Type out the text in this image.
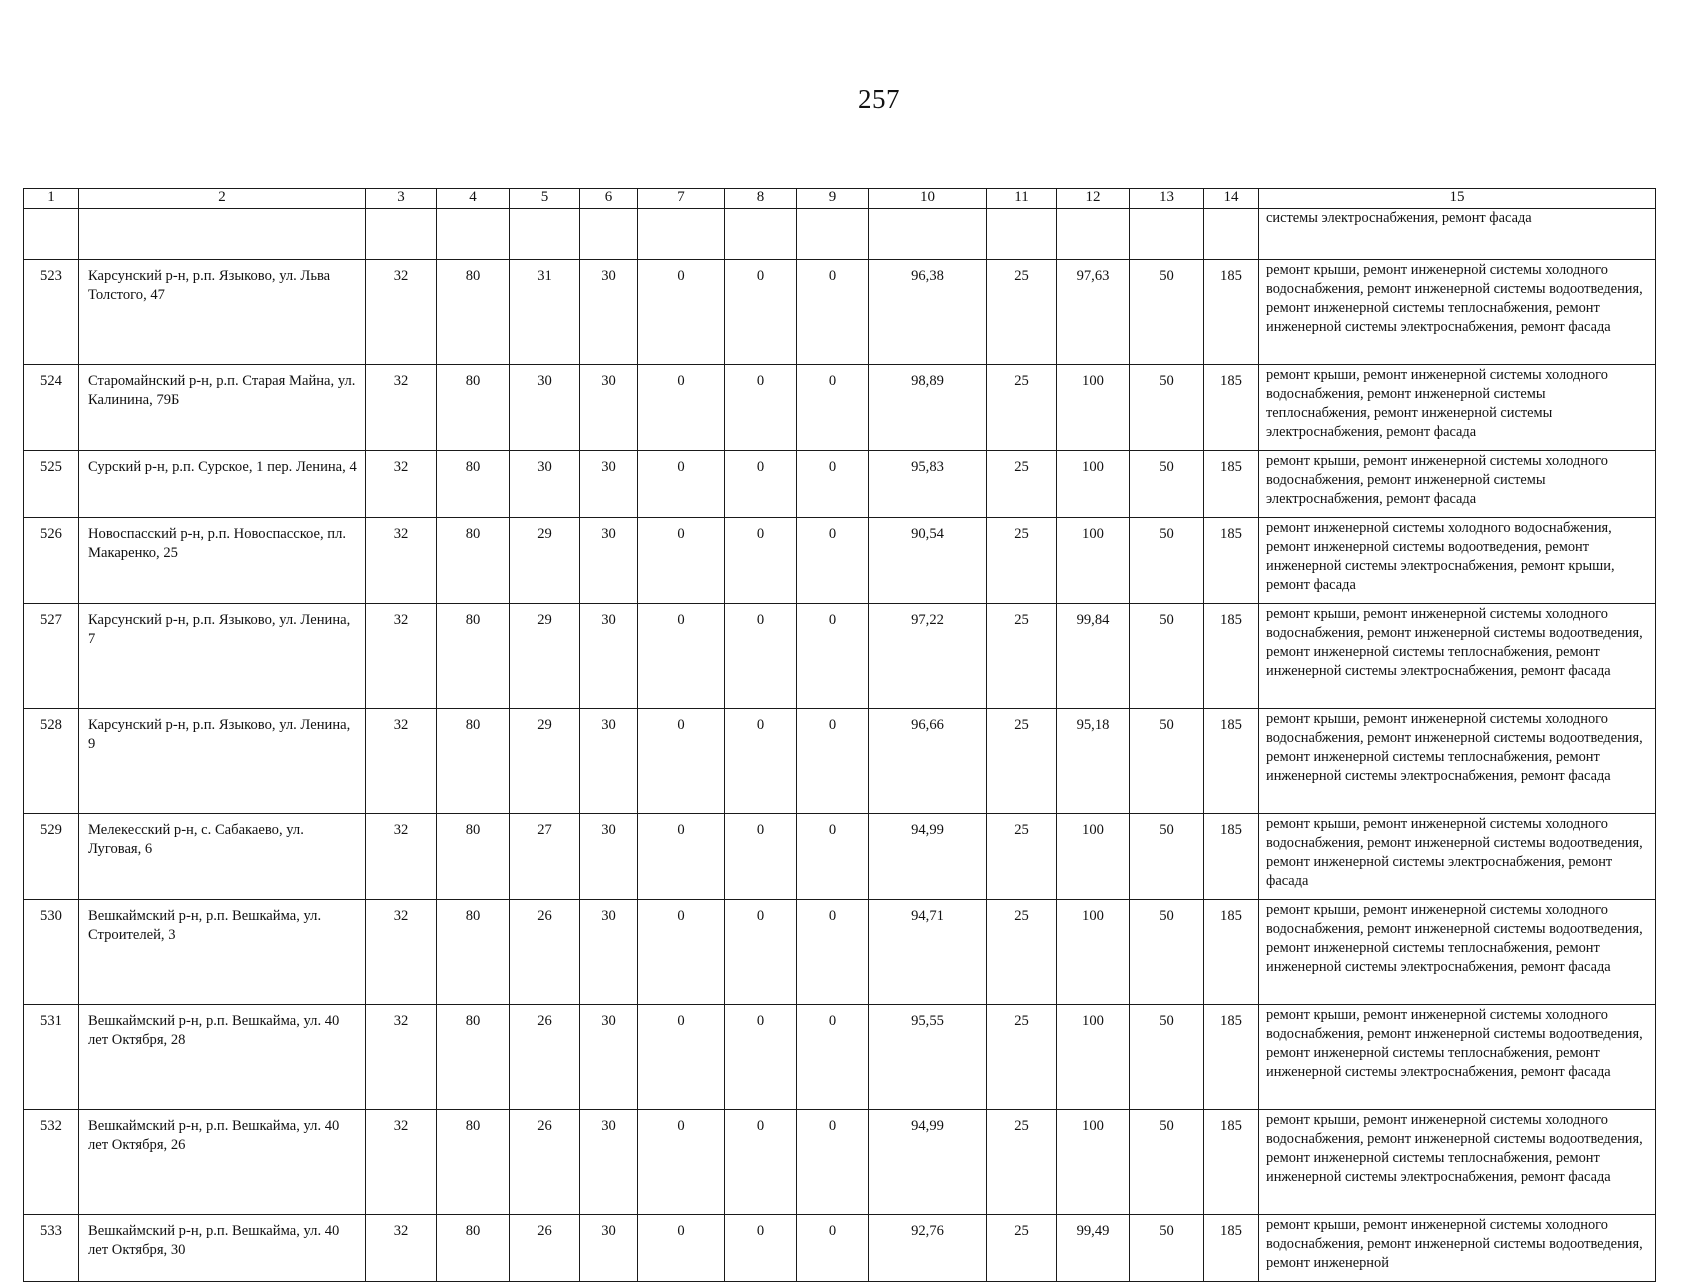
257
1	2	3	4	5	6	7	8	9	10	11	12	13	14	15
														системы электроснабжения, ремонт фасада
523	Карсунский р-н, р.п. Языково, ул. Льва Толстого, 47	32	80	31	30	0	0	0	96,38	25	97,63	50	185	ремонт крыши, ремонт инженерной системы холодного водоснабжения, ремонт инженерной системы водоотведения, ремонт инженерной системы теплоснабжения, ремонт инженерной системы электроснабжения, ремонт фасада
524	Старомайнский р-н, р.п. Старая Майна, ул. Калинина, 79Б	32	80	30	30	0	0	0	98,89	25	100	50	185	ремонт крыши, ремонт инженерной системы холодного водоснабжения, ремонт инженерной системы теплоснабжения, ремонт инженерной системы электроснабжения, ремонт фасада
525	Сурский р-н, р.п. Сурское, 1 пер. Ленина, 4	32	80	30	30	0	0	0	95,83	25	100	50	185	ремонт крыши, ремонт инженерной системы холодного водоснабжения, ремонт инженерной системы электроснабжения, ремонт фасада
526	Новоспасский р-н, р.п. Новоспасское, пл. Макаренко, 25	32	80	29	30	0	0	0	90,54	25	100	50	185	ремонт инженерной системы холодного водоснабжения, ремонт инженерной системы водоотведения, ремонт инженерной системы электроснабжения, ремонт крыши, ремонт фасада
527	Карсунский р-н, р.п. Языково, ул. Ленина, 7	32	80	29	30	0	0	0	97,22	25	99,84	50	185	ремонт крыши, ремонт инженерной системы холодного водоснабжения, ремонт инженерной системы водоотведения, ремонт инженерной системы теплоснабжения, ремонт инженерной системы электроснабжения, ремонт фасада
528	Карсунский р-н, р.п. Языково, ул. Ленина, 9	32	80	29	30	0	0	0	96,66	25	95,18	50	185	ремонт крыши, ремонт инженерной системы холодного водоснабжения, ремонт инженерной системы водоотведения, ремонт инженерной системы теплоснабжения, ремонт инженерной системы электроснабжения, ремонт фасада
529	Мелекесский р-н, с. Сабакаево, ул. Луговая, 6	32	80	27	30	0	0	0	94,99	25	100	50	185	ремонт крыши, ремонт инженерной системы холодного водоснабжения, ремонт инженерной системы водоотведения, ремонт инженерной системы электроснабжения, ремонт фасада
530	Вешкаймский р-н, р.п. Вешкайма, ул. Строителей, 3	32	80	26	30	0	0	0	94,71	25	100	50	185	ремонт крыши, ремонт инженерной системы холодного водоснабжения, ремонт инженерной системы водоотведения, ремонт инженерной системы теплоснабжения, ремонт инженерной системы электроснабжения, ремонт фасада
531	Вешкаймский р-н, р.п. Вешкайма, ул. 40 лет Октября, 28	32	80	26	30	0	0	0	95,55	25	100	50	185	ремонт крыши, ремонт инженерной системы холодного водоснабжения, ремонт инженерной системы водоотведения, ремонт инженерной системы теплоснабжения, ремонт инженерной системы электроснабжения, ремонт фасада
532	Вешкаймский р-н, р.п. Вешкайма, ул. 40 лет Октября, 26	32	80	26	30	0	0	0	94,99	25	100	50	185	ремонт крыши, ремонт инженерной системы холодного водоснабжения, ремонт инженерной системы водоотведения, ремонт инженерной системы теплоснабжения, ремонт инженерной системы электроснабжения, ремонт фасада
533	Вешкаймский р-н, р.п. Вешкайма, ул. 40 лет Октября, 30	32	80	26	30	0	0	0	92,76	25	99,49	50	185	ремонт крыши, ремонт инженерной системы холодного водоснабжения, ремонт инженерной системы водоотведения, ремонт инженерной
